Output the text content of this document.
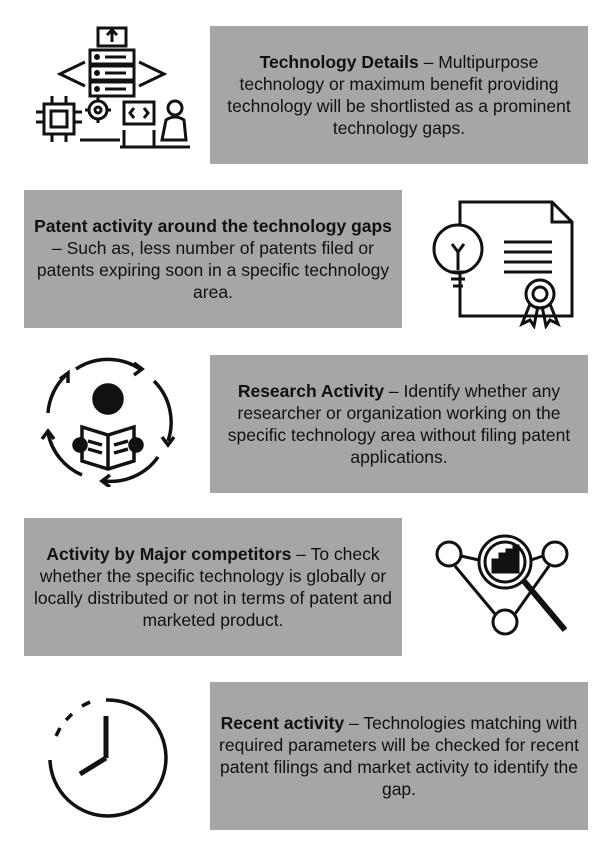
Technology Details – Multipurpose technology or maximum benefit providing technology will be shortlisted as a prominent technology gaps.

Patent activity around the technology gaps – Such as, less number of patents filed or patents expiring soon in a specific technology area.

Research Activity – Identify whether any researcher or organization working on the specific technology area without filing patent applications.

Activity by Major competitors – To check whether the specific technology is globally or locally distributed or not in terms of patent and marketed product.

Recent activity – Technologies matching with required parameters will be checked for recent patent filings and market activity to identify the gap.
